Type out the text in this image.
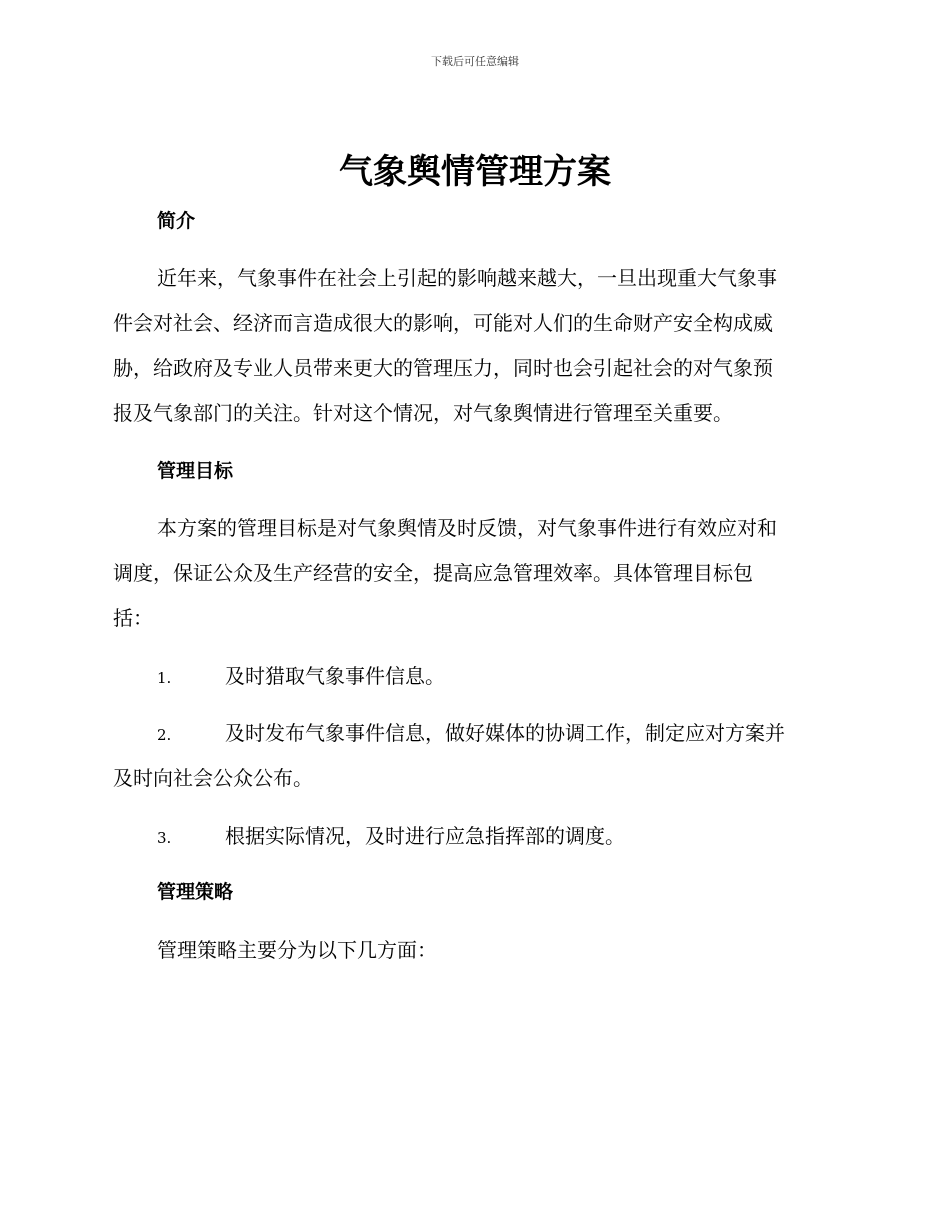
下载后可任意编辑
气象舆情管理方案
简介
近年来，气象事件在社会上引起的影响越来越大，一旦出现重大气象事
件会对社会、经济而言造成很大的影响，可能对人们的生命财产安全构成威
胁，给政府及专业人员带来更大的管理压力，同时也会引起社会的对气象预
报及气象部门的关注。针对这个情况，对气象舆情进行管理至关重要。
管理目标
本方案的管理目标是对气象舆情及时反馈，对气象事件进行有效应对和
调度，保证公众及生产经营的安全，提高应急管理效率。具体管理目标包
括：
1.	及时猎取气象事件信息。
2.	及时发布气象事件信息，做好媒体的协调工作，制定应对方案并
及时向社会公众公布。
3.	根据实际情况，及时进行应急指挥部的调度。
管理策略
管理策略主要分为以下几方面：
